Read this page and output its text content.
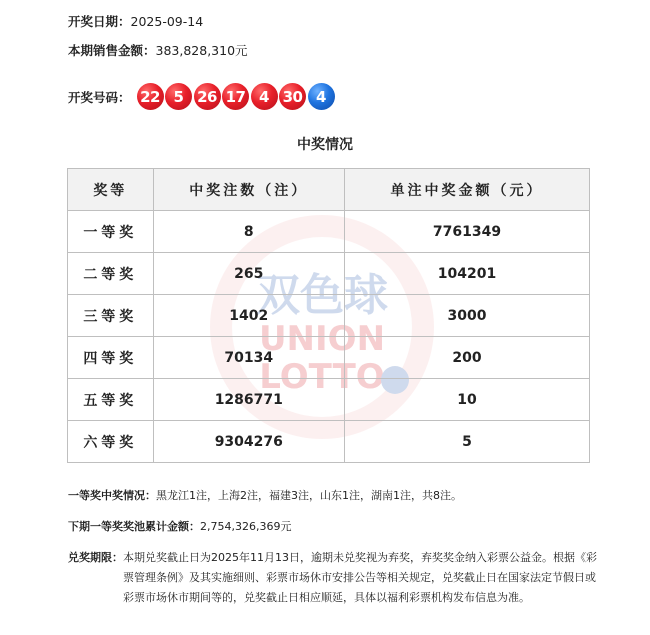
双色球
UNION
LOTTO
开奖日期：2025-09-14
本期销售金额：383,828,310元
开奖号码： 22 5 26 17 4 30 4
中奖情况
奖等	中奖注数（注）	单注中奖金额（元）
一等奖	8	7761349
二等奖	265	104201
三等奖	1402	3000
四等奖	70134	200
五等奖	1286771	10
六等奖	9304276	5
一等奖中奖情况：黑龙江1注，上海2注，福建3注，山东1注，湖南1注，共8注。
下期一等奖奖池累计金额：2,754,326,369元
兑奖期限： 本期兑奖截止日为2025年11月13日，逾期未兑奖视为弃奖，弃奖奖金纳入彩票公益金。根据《彩票管理条例》及其实施细则、彩票市场休市安排公告等相关规定，兑奖截止日在国家法定节假日或彩票市场休市期间等的，兑奖截止日相应顺延，具体以福利彩票机构发布信息为准。
